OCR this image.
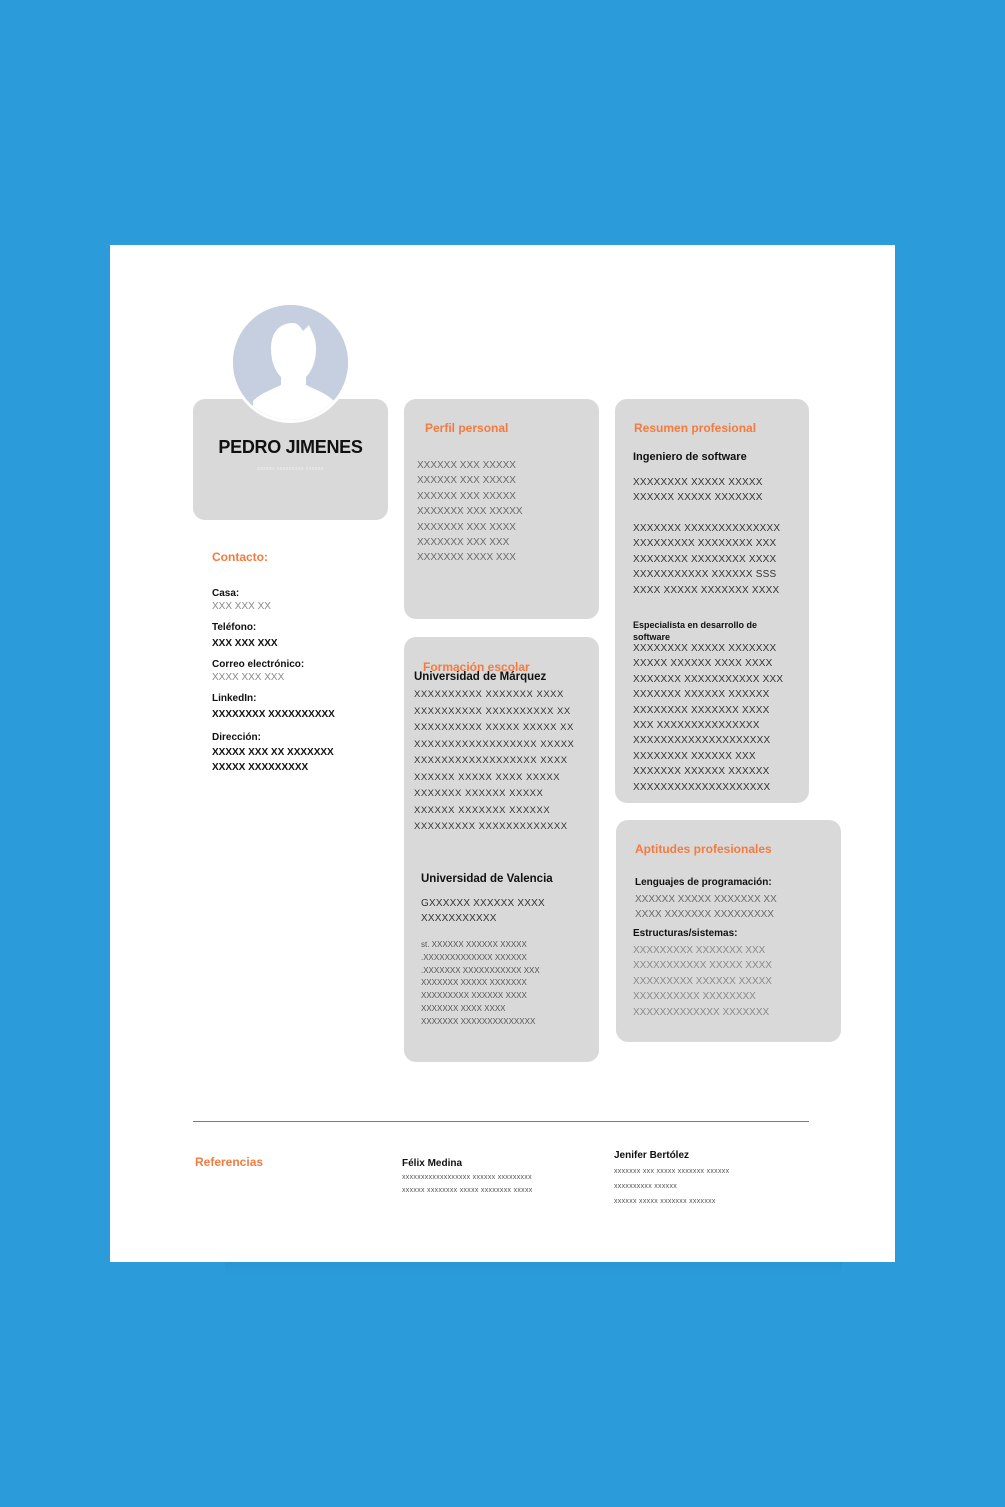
PEDRO JIMENES
xxxxxx xxxxxxxxx xxxxxx
Contacto:
Casa:
XXX XXX XX
Teléfono:
XXX XXX XXX
Correo electrónico:
XXXX XXX XXX
LinkedIn:
XXXXXXXX XXXXXXXXXX
Dirección:
XXXXX XXX XX XXXXXXX
XXXXX XXXXXXXXX
Perfil personal
XXXXXX XXX XXXXX
XXXXXX XXX XXXXX
XXXXXX XXX XXXXX
XXXXXXX XXX XXXXX
XXXXXXX XXX XXXX
XXXXXXX XXX XXX
XXXXXXX XXXX XXX
Formación escolar
Universidad de Márquez
XXXXXXXXXX XXXXXXX XXXX
XXXXXXXXXX XXXXXXXXXX XX
XXXXXXXXXX XXXXX XXXXX XX
XXXXXXXXXXXXXXXXXX XXXXX
XXXXXXXXXXXXXXXXXX XXXX
XXXXXX XXXXX XXXX XXXXX
XXXXXXX XXXXXX XXXXX
XXXXXX XXXXXXX XXXXXX
XXXXXXXXX XXXXXXXXXXXXX
Universidad de Valencia
GXXXXXX XXXXXX XXXX
XXXXXXXXXXX
st. XXXXXX XXXXXX XXXXX
.XXXXXXXXXXXXX XXXXXX
.XXXXXXX XXXXXXXXXXX XXX
XXXXXXX XXXXX XXXXXXX
XXXXXXXXX XXXXXX XXXX
XXXXXXX XXXX XXXX
XXXXXXX XXXXXXXXXXXXXX
Resumen profesional
Ingeniero de software
XXXXXXXX XXXXX XXXXX
XXXXXX XXXXX XXXXXXX
XXXXXXX XXXXXXXXXXXXXX
XXXXXXXXX XXXXXXXX XXX
XXXXXXXX XXXXXXXX XXXX
XXXXXXXXXXX XXXXXX SSS
XXXX XXXXX XXXXXXX XXXX
Especialista en desarrollo de software
XXXXXXXX XXXXX XXXXXXX
XXXXX XXXXXX XXXX XXXX
XXXXXXX XXXXXXXXXXX XXX
XXXXXXX XXXXXX XXXXXX
XXXXXXXX XXXXXXX XXXX
XXX XXXXXXXXXXXXXXX
XXXXXXXXXXXXXXXXXXXX
XXXXXXXX XXXXXX XXX
XXXXXXX XXXXXX XXXXXX
XXXXXXXXXXXXXXXXXXXX
Aptitudes profesionales
Lenguajes de programación:
XXXXXX XXXXX XXXXXXX XX
XXXX XXXXXXX XXXXXXXXX
Estructuras/sistemas:
XXXXXXXXX XXXXXXX XXX
XXXXXXXXXXX XXXXX XXXX
XXXXXXXXX XXXXXX XXXXX
XXXXXXXXXX XXXXXXXX
XXXXXXXXXXXXX XXXXXXX
Referencias	Félix Medina
xxxxxxxxxxxxxxxxxx xxxxxx xxxxxxxxx
xxxxxx xxxxxxxx xxxxx xxxxxxxx xxxxx
Jenifer Bertólez
xxxxxxx xxx xxxxx xxxxxxx xxxxxx
xxxxxxxxxx xxxxxx
xxxxxx xxxxx xxxxxxx xxxxxxx
